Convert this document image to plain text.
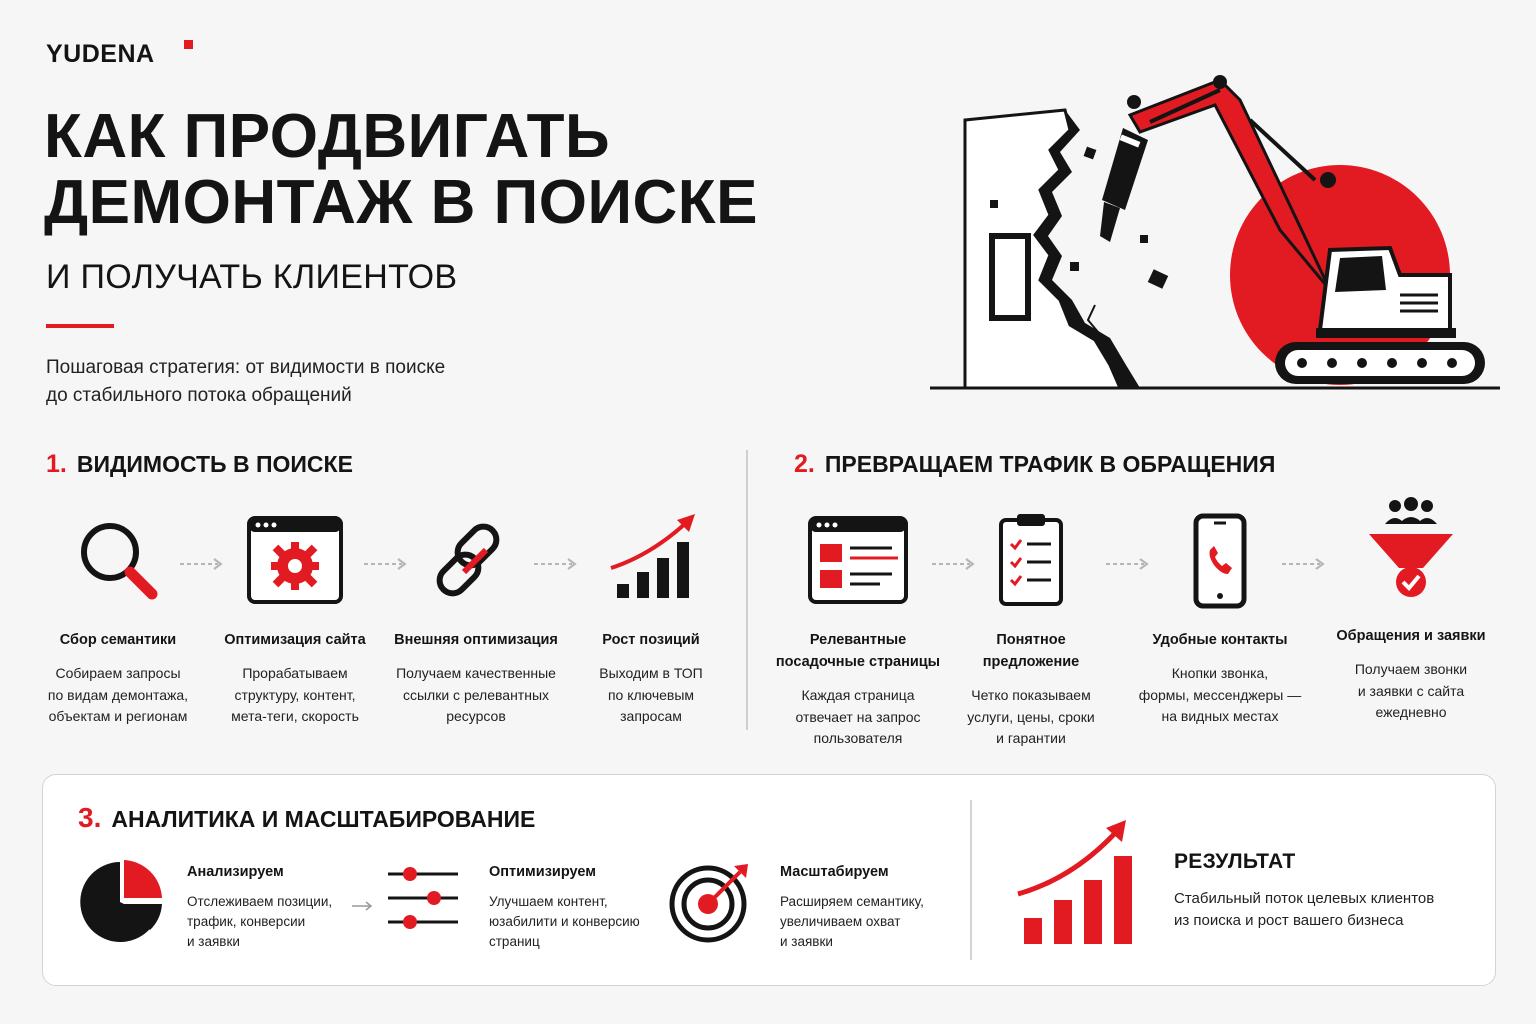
YUDENA
КАК ПРОДВИГАТЬ
ДЕМОНТАЖ В ПОИСКЕ
И ПОЛУЧАТЬ КЛИЕНТОВ
Пошаговая стратегия: от видимости в поиске
до стабильного потока обращений
1. ВИДИМОСТЬ В ПОИСКЕ
Сбор семантики
Собираем запросы
по видам демонтажа,
объектам и регионам
Оптимизация сайта
Прорабатываем
структуру, контент,
мета-теги, скорость
Внешняя оптимизация
Получаем качественные
ссылки с релевантных
ресурсов
Рост позиций
Выходим в ТОП
по ключевым
запросам
2. ПРЕВРАЩАЕМ ТРАФИК В ОБРАЩЕНИЯ
Релевантные
посадочные страницы
Каждая страница
отвечает на запрос
пользователя
Понятное
предложение
Четко показываем
услуги, цены, сроки
и гарантии
Удобные контакты
Кнопки звонка,
формы, мессенджеры —
на видных местах
Обращения и заявки
Получаем звонки
и заявки с сайта
ежедневно
3. АНАЛИТИКА И МАСШТАБИРОВАНИЕ
Анализируем
Отслеживаем позиции,
трафик, конверсии
и заявки
Оптимизируем
Улучшаем контент,
юзабилити и конверсию
страниц
Масштабируем
Расширяем семантику,
увеличиваем охват
и заявки
РЕЗУЛЬТАТ
Стабильный поток целевых клиентов
из поиска и рост вашего бизнеса
